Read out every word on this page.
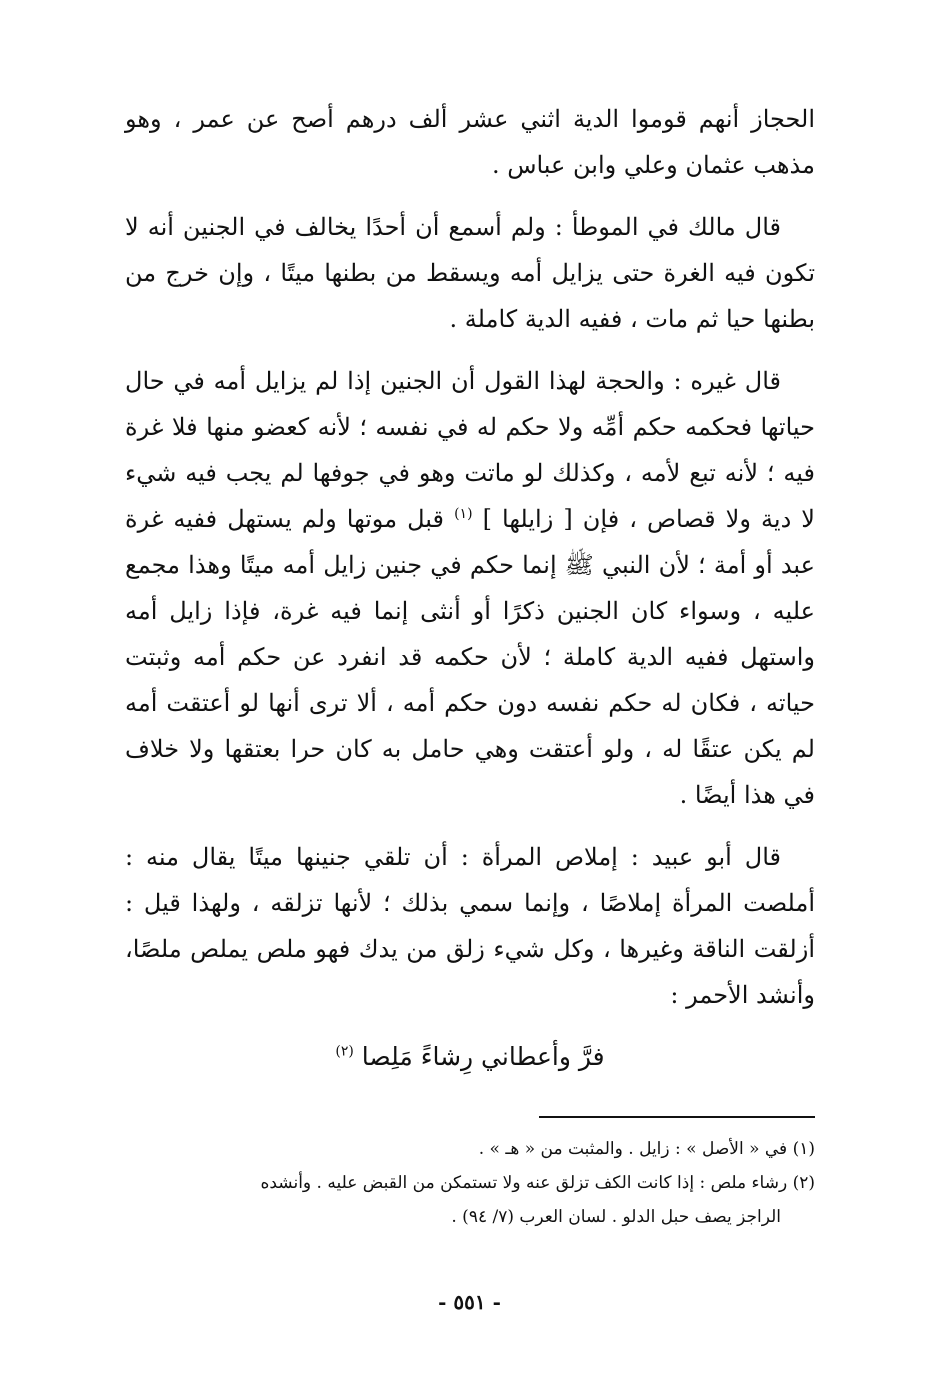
الحجاز أنهم قوموا الدية اثني عشر ألف درهم أصح عن عمر ، وهو مذهب عثمان وعلي وابن عباس .

قال مالك في الموطأ : ولم أسمع أن أحدًا يخالف في الجنين أنه لا تكون فيه الغرة حتى يزايل أمه ويسقط من بطنها ميتًا ، وإن خرج من بطنها حيا ثم مات ، ففيه الدية كاملة .

قال غيره : والحجة لهذا القول أن الجنين إذا لم يزايل أمه في حال حياتها فحكمه حكم أمِّه ولا حكم له في نفسه ؛ لأنه كعضو منها فلا غرة فيه ؛ لأنه تبع لأمه ، وكذلك لو ماتت وهو في جوفها لم يجب فيه شيء لا دية ولا قصاص ، فإن [ زايلها ] $^{(١)}$ قبل موتها ولم يستهل ففيه غرة عبد أو أمة ؛ لأن النبي ﷺ إنما حكم في جنين زايل أمه ميتًا وهذا مجمع عليه ، وسواء كان الجنين ذكرًا أو أنثى إنما فيه غرة، فإذا زايل أمه واستهل ففيه الدية كاملة ؛ لأن حكمه قد انفرد عن حكم أمه وثبتت حياته ، فكان له حكم نفسه دون حكم أمه ، ألا ترى أنها لو أعتقت أمه لم يكن عتقًا له ، ولو أعتقت وهي حامل به كان حرا بعتقها ولا خلاف في هذا أيضًا .

قال أبو عبيد : إملاص المرأة : أن تلقي جنينها ميتًا يقال منه : أملصت المرأة إملاصًا ، وإنما سمي بذلك ؛ لأنها تزلقه ، ولهذا قيل : أزلقت الناقة وغيرها ، وكل شيء زلق من يدك فهو ملص يملص ملصًا، وأنشد الأحمر :

فرَّ وأعطاني رِشاءً مَلِصا $^{(٢)}$

(١) في « الأصل » : زايل . والمثبت من « هـ » .

(٢) رشاء ملص : إذا كانت الكف تزلق عنه ولا تستمكن من القبض عليه . وأنشده

الراجز يصف حبل الدلو . لسان العرب (٧/ ٩٤) .

- ٥٥١ -
